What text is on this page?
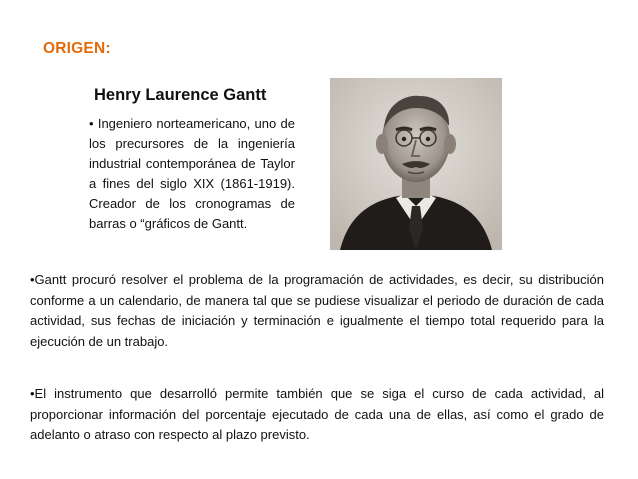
ORIGEN:
Henry Laurence Gantt

• Ingeniero norteamericano, uno de los precursores de la ingeniería industrial contemporánea de Taylor a fines del siglo XIX (1861-1919). Creador de los cronogramas de barras o “gráficos de Gantt.

•Gantt procuró resolver el problema de la programación de actividades, es decir, su distribución conforme a un calendario, de manera tal que se pudiese visualizar el periodo de duración de cada actividad, sus fechas de iniciación y terminación e igualmente el tiempo total requerido para la ejecución de un trabajo.

•El instrumento que desarrolló permite también que se siga el curso de cada actividad, al proporcionar información del porcentaje ejecutado de cada una de ellas, así como el grado de adelanto o atraso con respecto al plazo previsto.
